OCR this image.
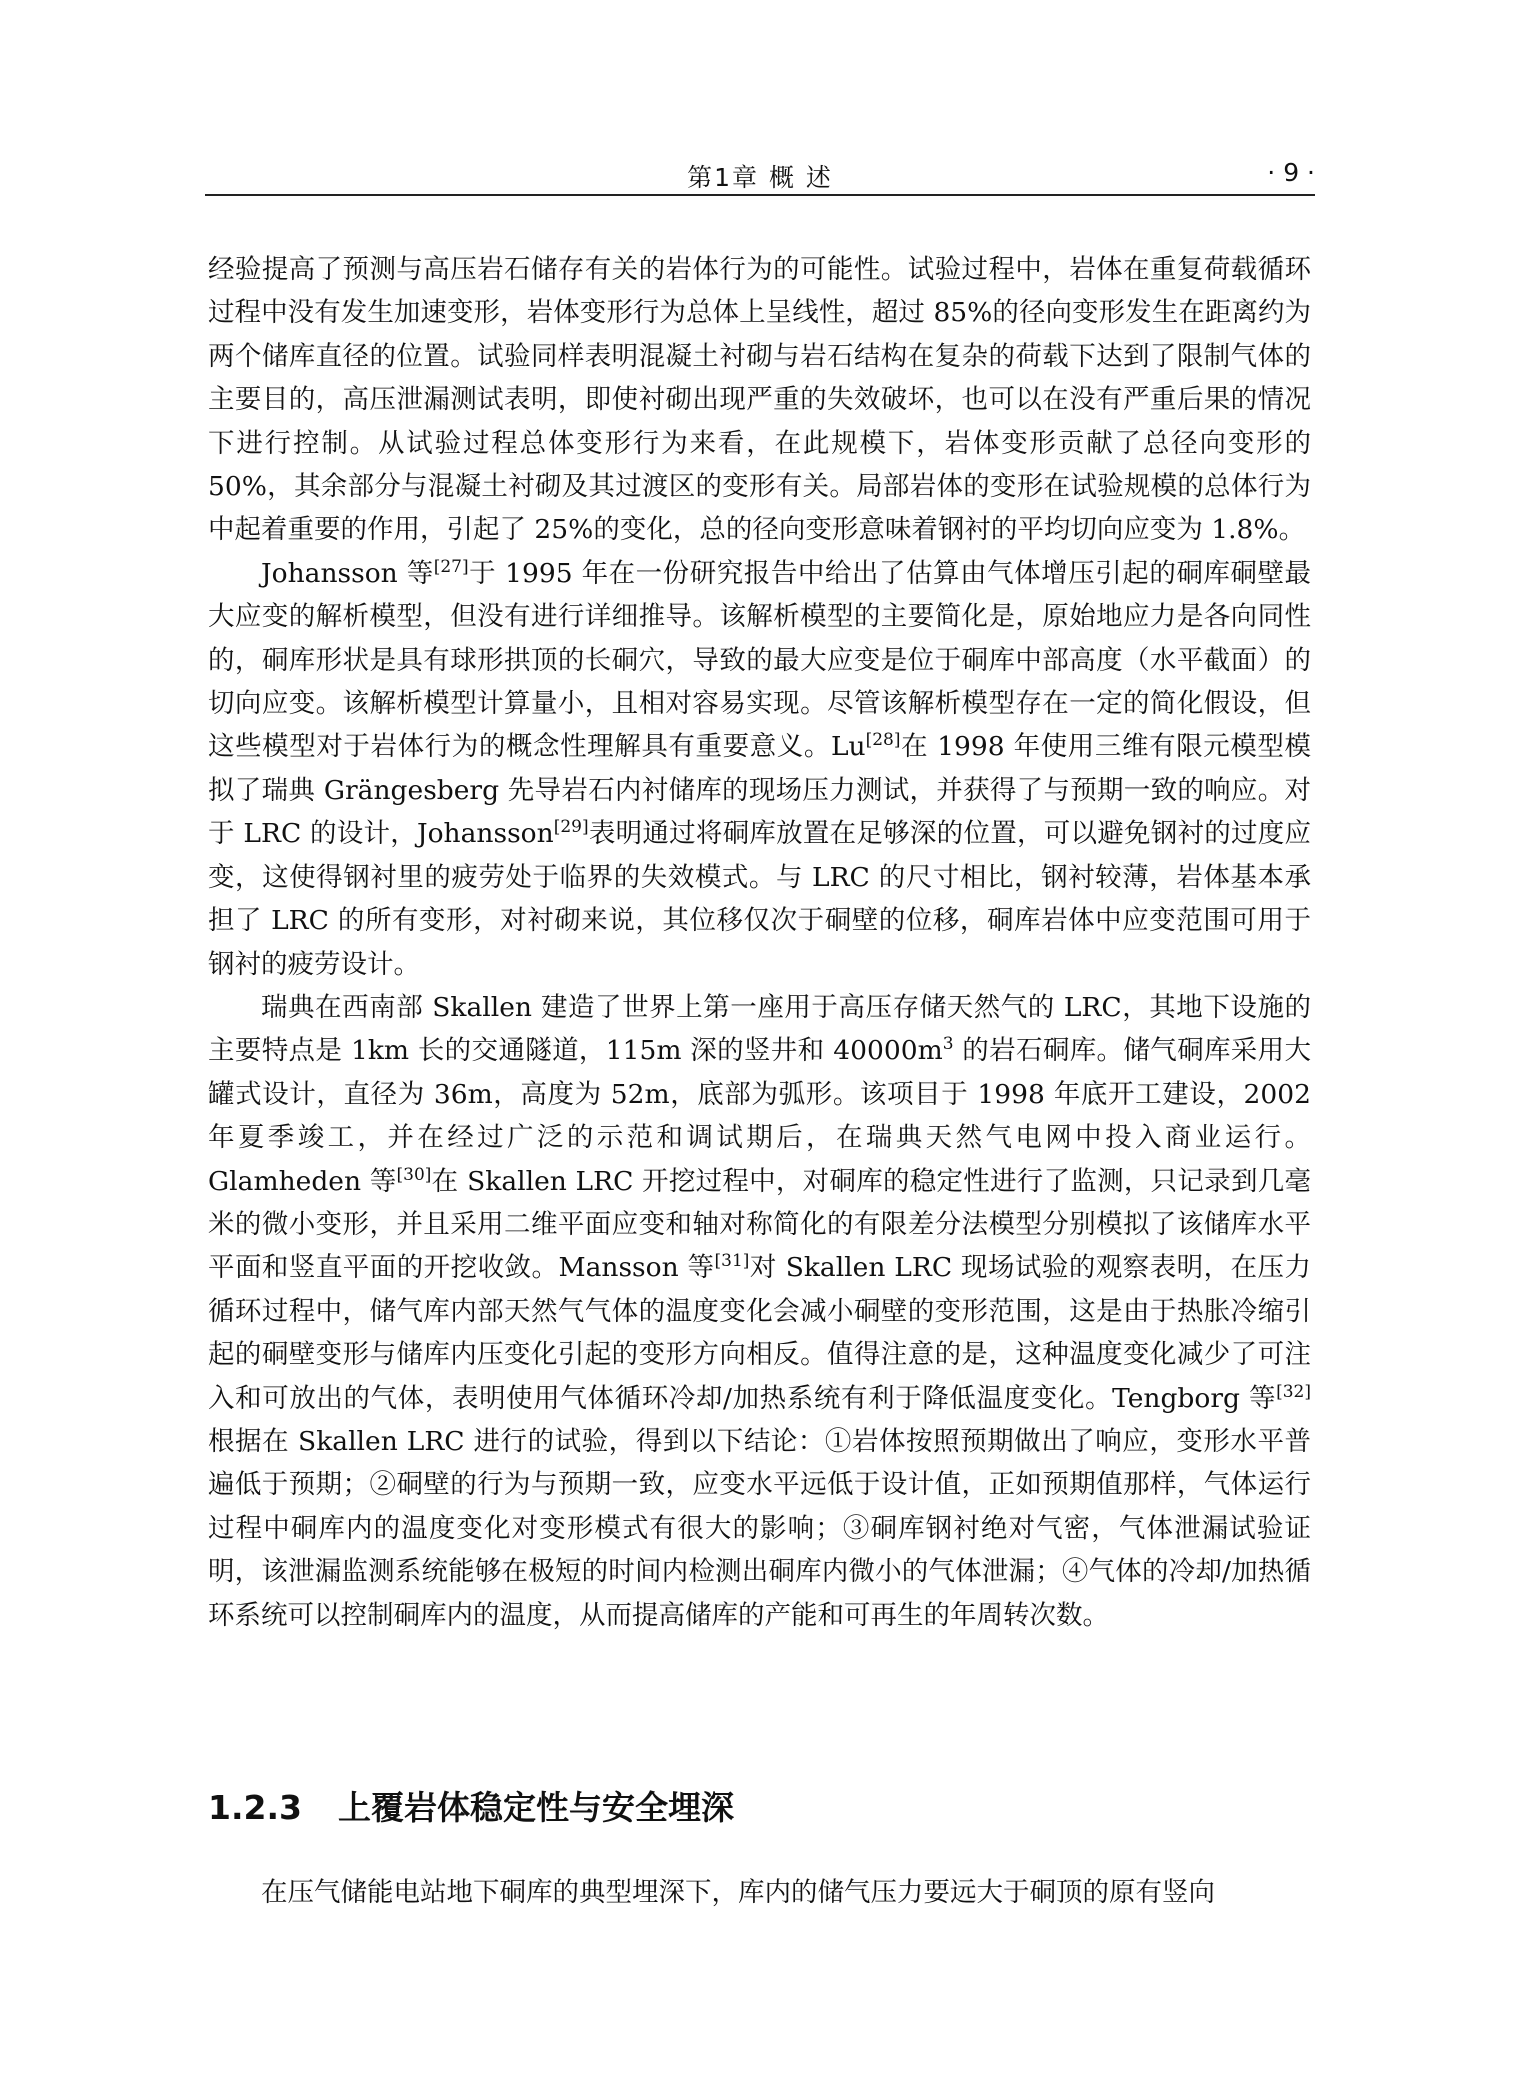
第1章 概 述	· 9 ·

经验提高了预测与高压岩石储存有关的岩体行为的可能性。试验过程中，岩体在重复荷载循环过程中没有发生加速变形，岩体变形行为总体上呈线性，超过 85%的径向变形发生在距离约为两个储库直径的位置。试验同样表明混凝土衬砌与岩石结构在复杂的荷载下达到了限制气体的主要目的，高压泄漏测试表明，即使衬砌出现严重的失效破坏，也可以在没有严重后果的情况下进行控制。从试验过程总体变形行为来看，在此规模下，岩体变形贡献了总径向变形的 50%，其余部分与混凝土衬砌及其过渡区的变形有关。局部岩体的变形在试验规模的总体行为中起着重要的作用，引起了 25%的变化，总的径向变形意味着钢衬的平均切向应变为 1.8%。

Johansson 等[27]于 1995 年在一份研究报告中给出了估算由气体增压引起的硐库硐壁最大应变的解析模型，但没有进行详细推导。该解析模型的主要简化是，原始地应力是各向同性的，硐库形状是具有球形拱顶的长硐穴，导致的最大应变是位于硐库中部高度（水平截面）的切向应变。该解析模型计算量小，且相对容易实现。尽管该解析模型存在一定的简化假设，但这些模型对于岩体行为的概念性理解具有重要意义。Lu[28]在 1998 年使用三维有限元模型模拟了瑞典 Grängesberg 先导岩石内衬储库的现场压力测试，并获得了与预期一致的响应。对于 LRC 的设计，Johansson[29]表明通过将硐库放置在足够深的位置，可以避免钢衬的过度应变，这使得钢衬里的疲劳处于临界的失效模式。与 LRC 的尺寸相比，钢衬较薄，岩体基本承担了 LRC 的所有变形，对衬砌来说，其位移仅次于硐壁的位移，硐库岩体中应变范围可用于钢衬的疲劳设计。

瑞典在西南部 Skallen 建造了世界上第一座用于高压存储天然气的 LRC，其地下设施的主要特点是 1km 长的交通隧道，115m 深的竖井和 $40000m^3$ 的岩石硐库。储气硐库采用大罐式设计，直径为 36m，高度为 52m，底部为弧形。该项目于 1998 年底开工建设，2002 年夏季竣工，并在经过广泛的示范和调试期后，在瑞典天然气电网中投入商业运行。Glamheden 等[30]在 Skallen LRC 开挖过程中，对硐库的稳定性进行了监测，只记录到几毫米的微小变形，并且采用二维平面应变和轴对称简化的有限差分法模型分别模拟了该储库水平平面和竖直平面的开挖收敛。Mansson 等[31]对 Skallen LRC 现场试验的观察表明，在压力循环过程中，储气库内部天然气气体的温度变化会减小硐壁的变形范围，这是由于热胀冷缩引起的硐壁变形与储库内压变化引起的变形方向相反。值得注意的是，这种温度变化减少了可注入和可放出的气体，表明使用气体循环冷却/加热系统有利于降低温度变化。Tengborg 等[32]根据在 Skallen LRC 进行的试验，得到以下结论：①岩体按照预期做出了响应，变形水平普遍低于预期；②硐壁的行为与预期一致，应变水平远低于设计值，正如预期值那样，气体运行过程中硐库内的温度变化对变形模式有很大的影响；③硐库钢衬绝对气密，气体泄漏试验证明，该泄漏监测系统能够在极短的时间内检测出硐库内微小的气体泄漏；④气体的冷却/加热循环系统可以控制硐库内的温度，从而提高储库的产能和可再生的年周转次数。

1.2.3 上覆岩体稳定性与安全埋深

在压气储能电站地下硐库的典型埋深下，库内的储气压力要远大于硐顶的原有竖向
